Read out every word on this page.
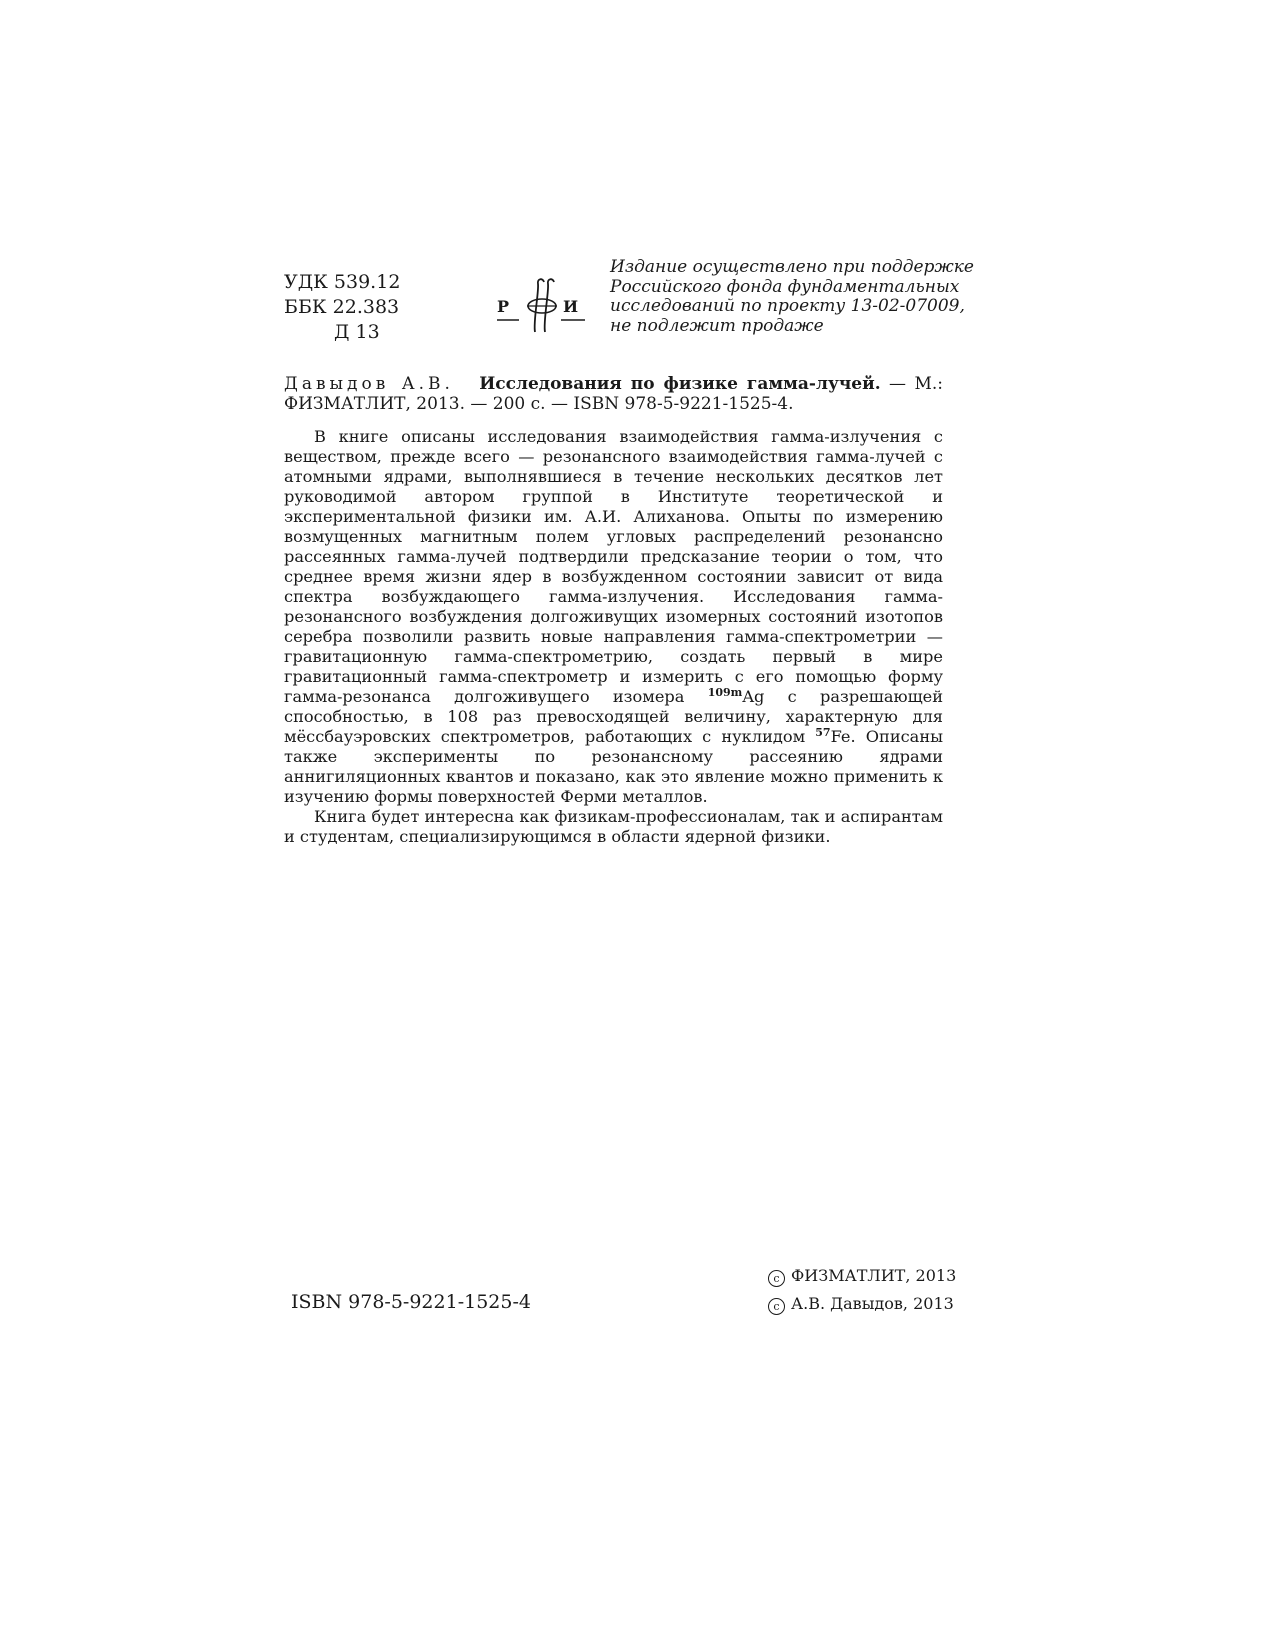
УДК 539.12
ББК 22.383
Д 13
Р
Ф
И
Издание осуществлено при поддержке
Российского фонда фундаментальных
исследований по проекту 13-02-07009,
не подлежит продаже
Давыдов А.В. Исследования по физике гамма-лучей. — М.: ФИЗМАТЛИТ, 2013. — 200 с. — ISBN 978-5-9221-1525-4.

В книге описаны исследования взаимодействия гамма-излучения с веществом, прежде всего — резонансного взаимодействия гамма-лучей с атомными ядрами, выполнявшиеся в течение нескольких десятков лет руководимой автором группой в Институте теоретической и экспериментальной физики им. А.И. Алиханова. Опыты по измерению возмущенных магнитным полем угловых распределений резонансно рассеянных гамма-лучей подтвердили предсказание теории о том, что среднее время жизни ядер в возбужденном состоянии зависит от вида спектра возбуждающего гамма-излучения. Исследования гамма-резонансного возбуждения долгоживущих изомерных состояний изотопов серебра позволили развить новые направления гамма-спектрометрии — гравитационную гамма-спектрометрию, создать первый в мире гравитационный гамма-спектрометр и измерить с его помощью форму гамма-резонанса долгоживущего изомера $^{109m}$Ag с разрешающей способностью, в 108 раз превосходящей величину, характерную для мёссбауэровских спектрометров, работающих с нуклидом $^{57}$Fe. Описаны также эксперименты по резонансному рассеянию ядрами аннигиляционных квантов и показано, как это явление можно применить к изучению формы поверхностей Ферми металлов.

Книга будет интересна как физикам-профессионалам, так и аспирантам и студентам, специализирующимся в области ядерной физики.

ISBN 978-5-9221-1525-4
c ФИЗМАТЛИТ, 2013
c А.В. Давыдов, 2013
